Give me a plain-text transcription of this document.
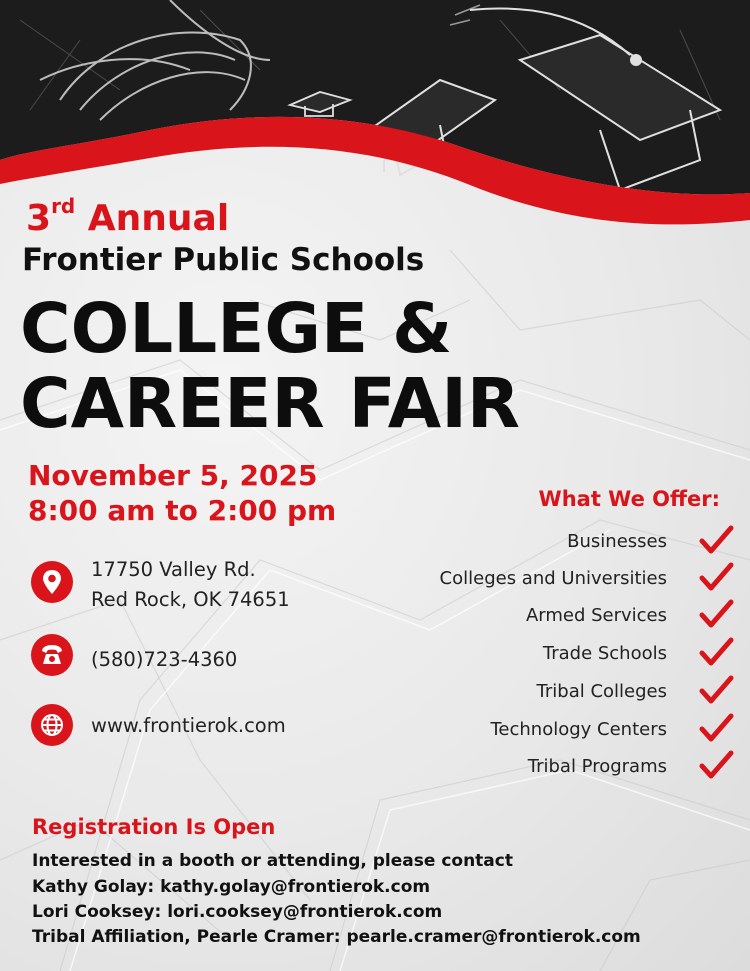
3rd Annual
Frontier Public Schools
COLLEGE &
CAREER FAIR
November 5, 2025
8:00 am to 2:00 pm
17750 Valley Rd.
Red Rock, OK 74651
(580)723-4360
www.frontierok.com
What We Offer:
Businesses
Colleges and Universities
Armed Services
Trade Schools
Tribal Colleges
Technology Centers
Tribal Programs
Registration Is Open
Interested in a booth or attending, please contact
Kathy Golay: kathy.golay@frontierok.com
Lori Cooksey: lori.cooksey@frontierok.com
Tribal Affiliation, Pearle Cramer: pearle.cramer@frontierok.com
